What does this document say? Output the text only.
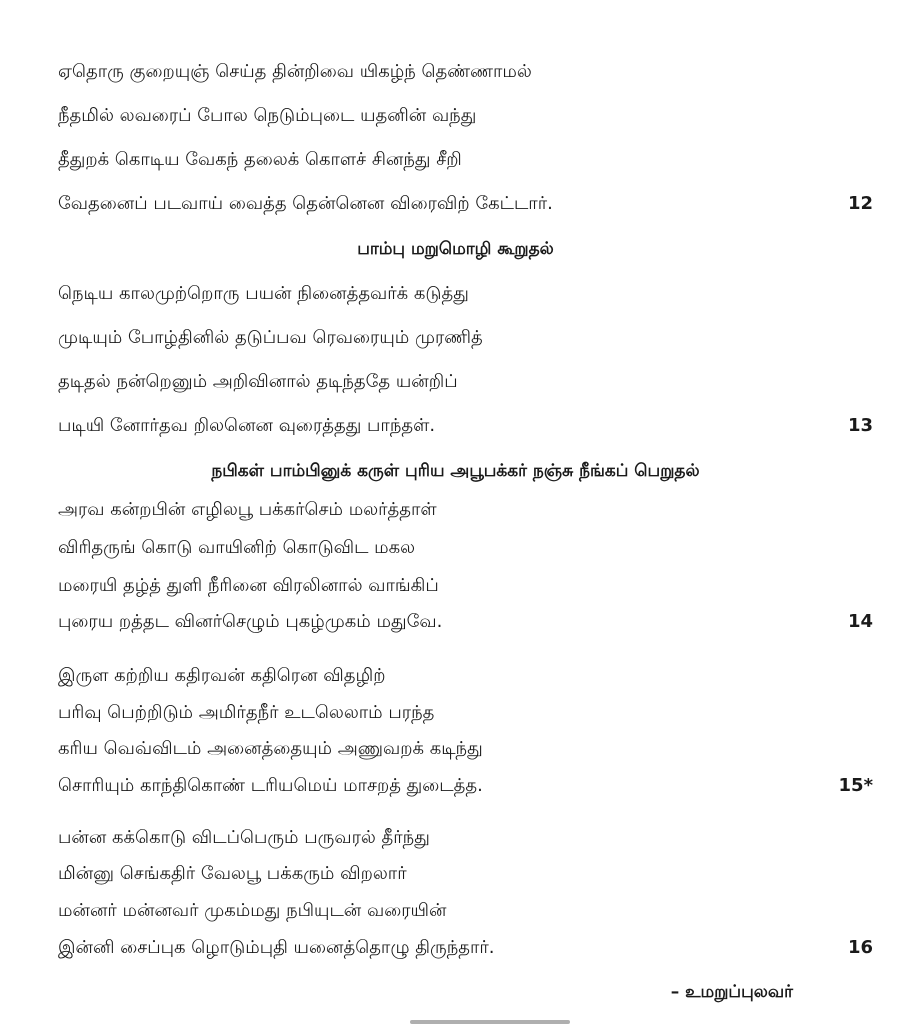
ஏதொரு குறையுஞ் செய்த தின்றிவை யிகழ்ந் தெண்ணாமல்
நீதமில் லவரைப் போல நெடும்புடை யதனின் வந்து
தீதுறக் கொடிய வேகந் தலைக் கொளச் சினந்து சீறி
வேதனைப் படவாய் வைத்த தென்னென விரைவிற் கேட்டார்.	12
பாம்பு மறுமொழி கூறுதல்
நெடிய காலமுற்றொரு பயன் நினைத்தவர்க் கடுத்து
முடியும் போழ்தினில் தடுப்பவ ரெவரையும் முரணித்
தடிதல் நன்றெனும் அறிவினால் தடிந்ததே யன்றிப்
படியி னோர்தவ றிலனென வுரைத்தது பாந்தள்.	13
நபிகள் பாம்பினுக் கருள் புரிய அபூபக்கர் நஞ்சு நீங்கப் பெறுதல்
அரவ கன்றபின் எழிலபூ பக்கர்செம் மலர்த்தாள்
விரிதருங் கொடு வாயினிற் கொடுவிட மகல
மரையி தழ்த் துளி நீரினை விரலினால் வாங்கிப்
புரைய றத்தட வினர்செழும் புகழ்முகம் மதுவே.	14
இருள கற்றிய கதிரவன் கதிரென விதழிற்
பரிவு பெற்றிடும் அமிர்தநீர் உடலெலாம் பரந்த
கரிய வெவ்விடம் அனைத்தையும் அணுவறக் கடிந்து
சொரியும் காந்திகொண் டரியமெய் மாசறத் துடைத்த.	15*
பன்ன கக்கொடு விடப்பெரும் பருவரல் தீர்ந்து
மின்னு செங்கதிர் வேலபூ பக்கரும் விறலார்
மன்னர் மன்னவர் முகம்மது நபியுடன் வரையின்
இன்னி சைப்புக ழொடும்புதி யனைத்தொழு திருந்தார்.	16
– உமறுப்புலவர்
